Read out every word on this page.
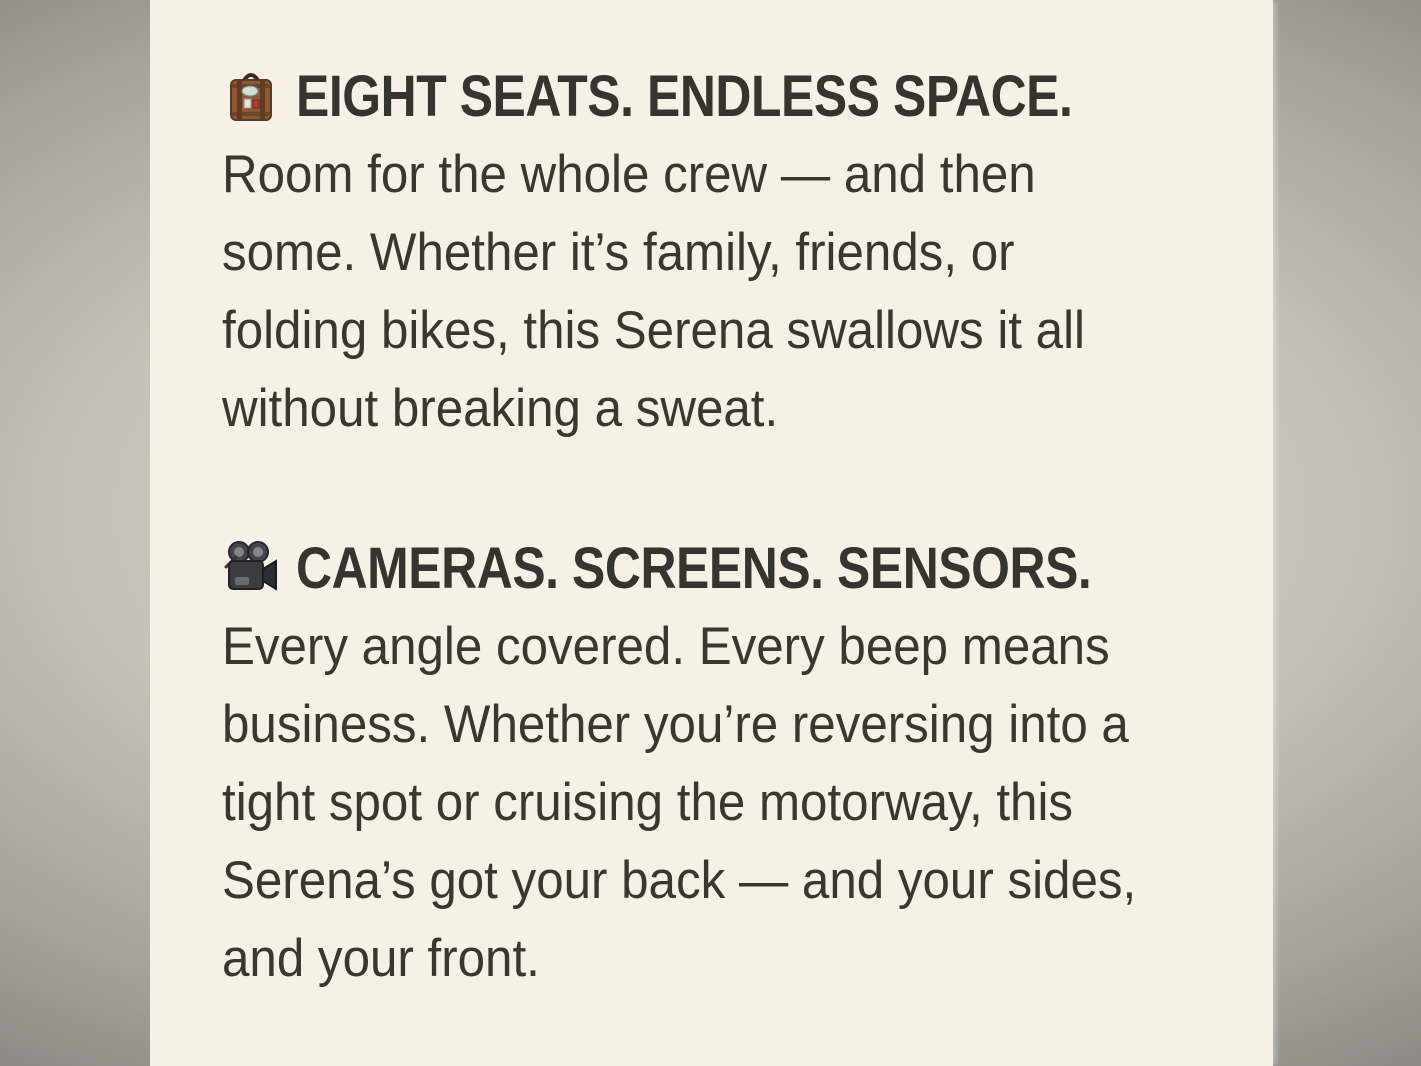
EIGHT SEATS. ENDLESS SPACE.
Room for the whole crew — and then
some. Whether it’s family, friends, or
folding bikes, this Serena swallows it all
without breaking a sweat.
CAMERAS. SCREENS. SENSORS.
Every angle covered. Every beep means
business. Whether you’re reversing into a
tight spot or cruising the motorway, this
Serena’s got your back — and your sides,
and your front.
